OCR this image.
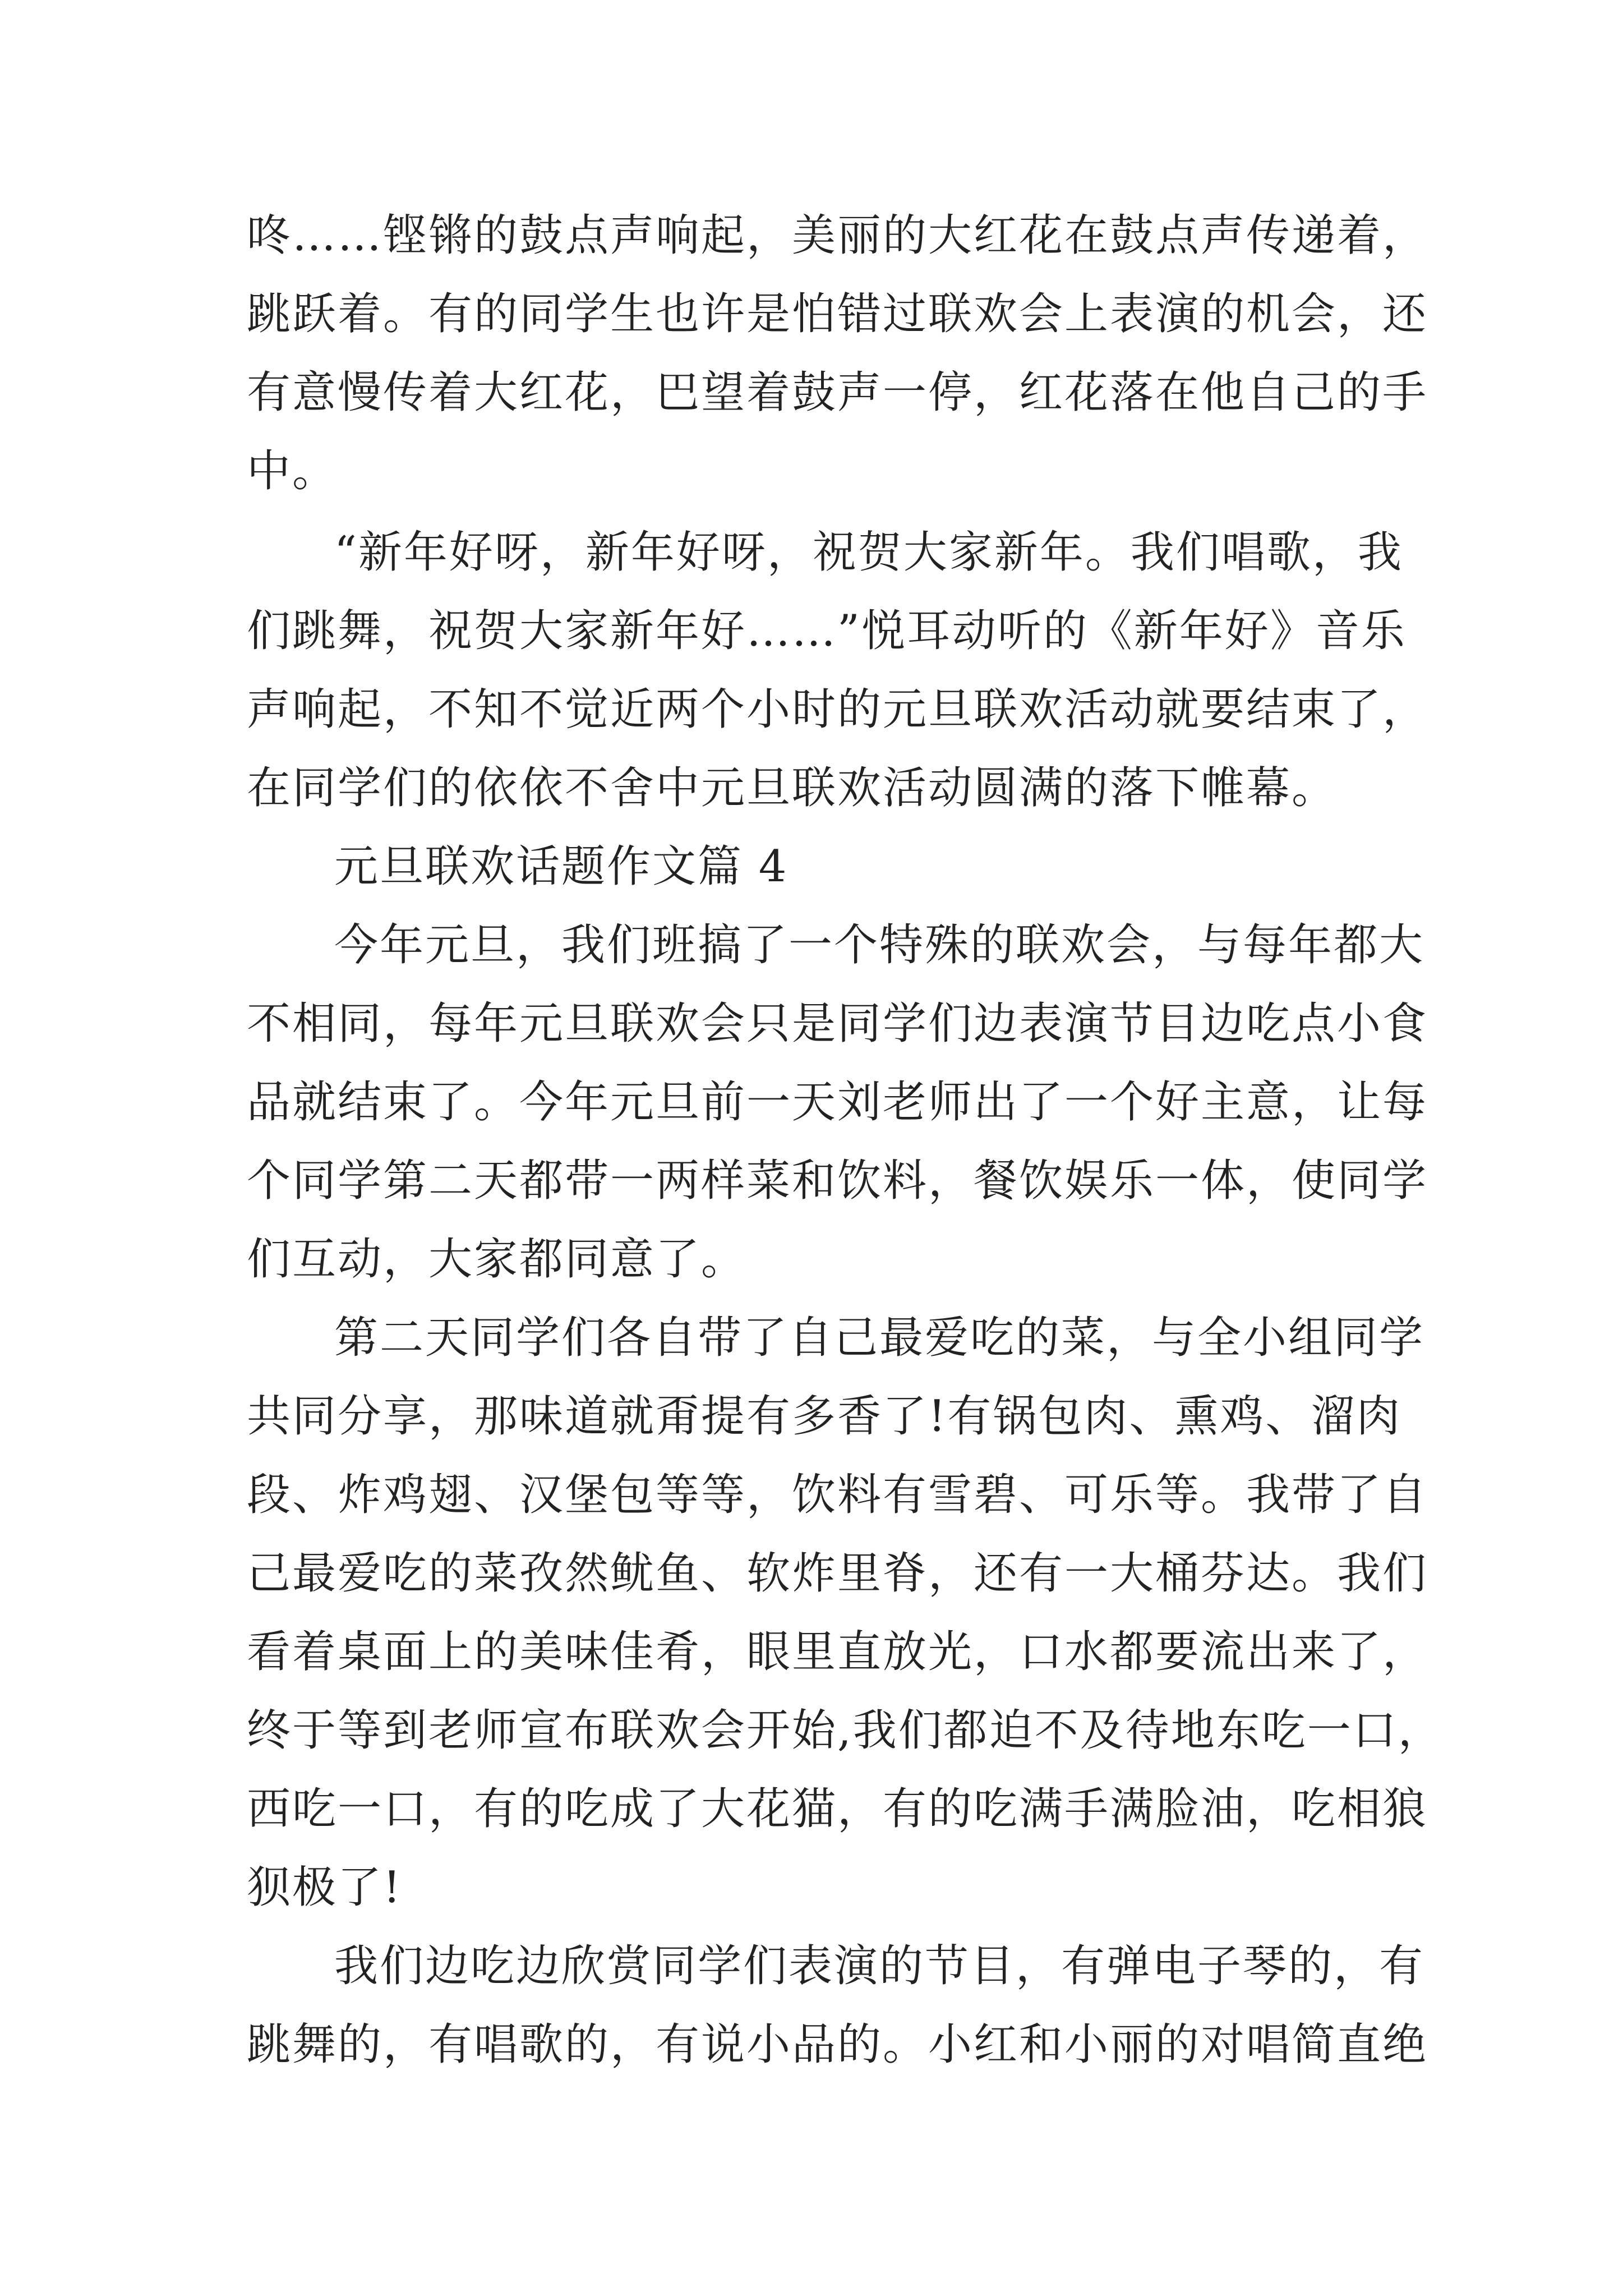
咚……铿锵的鼓点声响起，美丽的大红花在鼓点声传递着，
跳跃着。有的同学生也许是怕错过联欢会上表演的机会，还
有意慢传着大红花，巴望着鼓声一停，红花落在他自己的手
中。
“新年好呀，新年好呀，祝贺大家新年。我们唱歌，我
们跳舞，祝贺大家新年好……”悦耳动听的《新年好》音乐
声响起，不知不觉近两个小时的元旦联欢活动就要结束了，
在同学们的依依不舍中元旦联欢活动圆满的落下帷幕。
元旦联欢话题作文篇 4
今年元旦，我们班搞了一个特殊的联欢会，与每年都大
不相同，每年元旦联欢会只是同学们边表演节目边吃点小食
品就结束了。今年元旦前一天刘老师出了一个好主意，让每
个同学第二天都带一两样菜和饮料，餐饮娱乐一体，使同学
们互动，大家都同意了。
第二天同学们各自带了自己最爱吃的菜，与全小组同学
共同分享，那味道就甭提有多香了!有锅包肉、熏鸡、溜肉
段、炸鸡翅、汉堡包等等，饮料有雪碧、可乐等。我带了自
己最爱吃的菜孜然鱿鱼、软炸里脊，还有一大桶芬达。我们
看着桌面上的美味佳肴，眼里直放光，口水都要流出来了，
终于等到老师宣布联欢会开始,我们都迫不及待地东吃一口，
西吃一口，有的吃成了大花猫，有的吃满手满脸油，吃相狼
狈极了!
我们边吃边欣赏同学们表演的节目，有弹电子琴的，有
跳舞的，有唱歌的，有说小品的。小红和小丽的对唱简直绝
